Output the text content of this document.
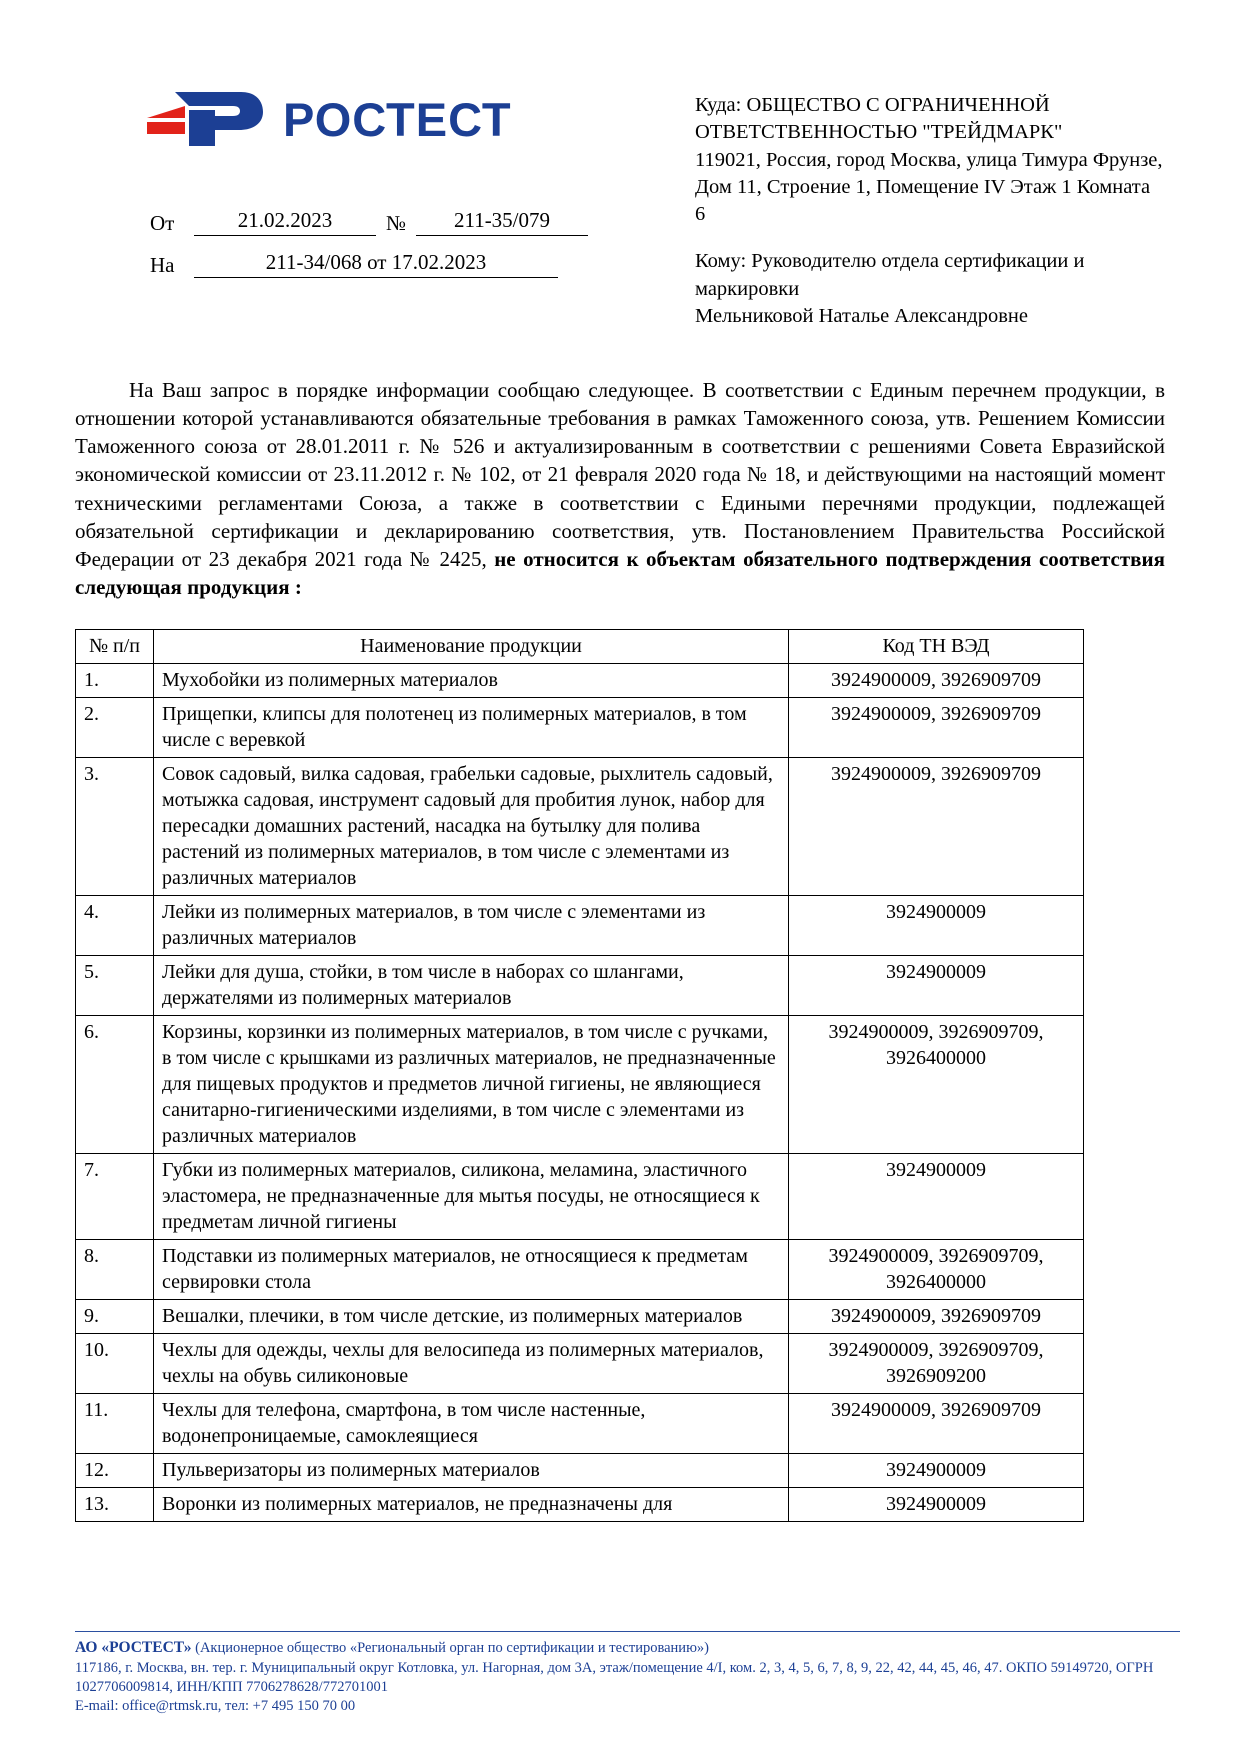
РОСТЕСТ
От	21.02.2023	№	211-35/079
На	211-34/068 от 17.02.2023
Куда: ОБЩЕСТВО С ОГРАНИЧЕННОЙ ОТВЕТСТВЕННОСТЬЮ "ТРЕЙДМАРК"
119021, Россия, город Москва, улица Тимура Фрунзе, Дом 11, Строение 1, Помещение IV Этаж 1 Комната 6
Кому: Руководителю отдела сертификации и маркировки
Мельниковой Наталье Александровне
На Ваш запрос в порядке информации сообщаю следующее. В соответствии с Единым перечнем продукции, в отношении которой устанавливаются обязательные требования в рамках Таможенного союза, утв. Решением Комиссии Таможенного союза от 28.01.2011 г. № 526 и актуализированным в соответствии с решениями Совета Евразийской экономической комиссии от 23.11.2012 г. № 102, от 21 февраля 2020 года № 18, и действующими на настоящий момент техническими регламентами Союза, а также в соответствии с Едиными перечнями продукции, подлежащей обязательной сертификации и декларированию соответствия, утв. Постановлением Правительства Российской Федерации от 23 декабря 2021 года № 2425, не относится к объектам обязательного подтверждения соответствия следующая продукция :
№ п/п	Наименование продукции	Код ТН ВЭД
1.	Мухобойки из полимерных материалов	3924900009, 3926909709
2.	Прищепки, клипсы для полотенец из полимерных материалов, в том числе с веревкой	3924900009, 3926909709
3.	Совок садовый, вилка садовая, грабельки садовые, рыхлитель садовый, мотыжка садовая, инструмент садовый для пробития лунок, набор для пересадки домашних растений, насадка на бутылку для полива растений из полимерных материалов, в том числе с элементами из различных материалов	3924900009, 3926909709
4.	Лейки из полимерных материалов, в том числе с элементами из различных материалов	3924900009
5.	Лейки для душа, стойки, в том числе в наборах со шлангами, держателями из полимерных материалов	3924900009
6.	Корзины, корзинки из полимерных материалов, в том числе с ручками, в том числе с крышками из различных материалов, не предназначенные для пищевых продуктов и предметов личной гигиены, не являющиеся санитарно-гигиеническими изделиями, в том числе с элементами из различных материалов	3924900009, 3926909709, 3926400000
7.	Губки из полимерных материалов, силикона, меламина, эластичного эластомера, не предназначенные для мытья посуды, не относящиеся к предметам личной гигиены	3924900009
8.	Подставки из полимерных материалов, не относящиеся к предметам сервировки стола	3924900009, 3926909709, 3926400000
9.	Вешалки, плечики, в том числе детские, из полимерных материалов	3924900009, 3926909709
10.	Чехлы для одежды, чехлы для велосипеда из полимерных материалов, чехлы на обувь силиконовые	3924900009, 3926909709, 3926909200
11.	Чехлы для телефона, смартфона, в том числе настенные, водонепроницаемые, самоклеящиеся	3924900009, 3926909709
12.	Пульверизаторы из полимерных материалов	3924900009
13.	Воронки из полимерных материалов, не предназначены для	3924900009
АО «РОСТЕСТ» (Акционерное общество «Региональный орган по сертификации и тестированию»)
117186, г. Москва, вн. тер. г. Муниципальный округ Котловка, ул. Нагорная, дом 3А, этаж/помещение 4/I, ком. 2, 3, 4, 5, 6, 7, 8, 9, 22, 42, 44, 45, 46, 47. ОКПО 59149720, ОГРН 1027706009814, ИНН/КПП 7706278628/772701001
E-mail: office@rtmsk.ru, тел: +7 495 150 70 00
